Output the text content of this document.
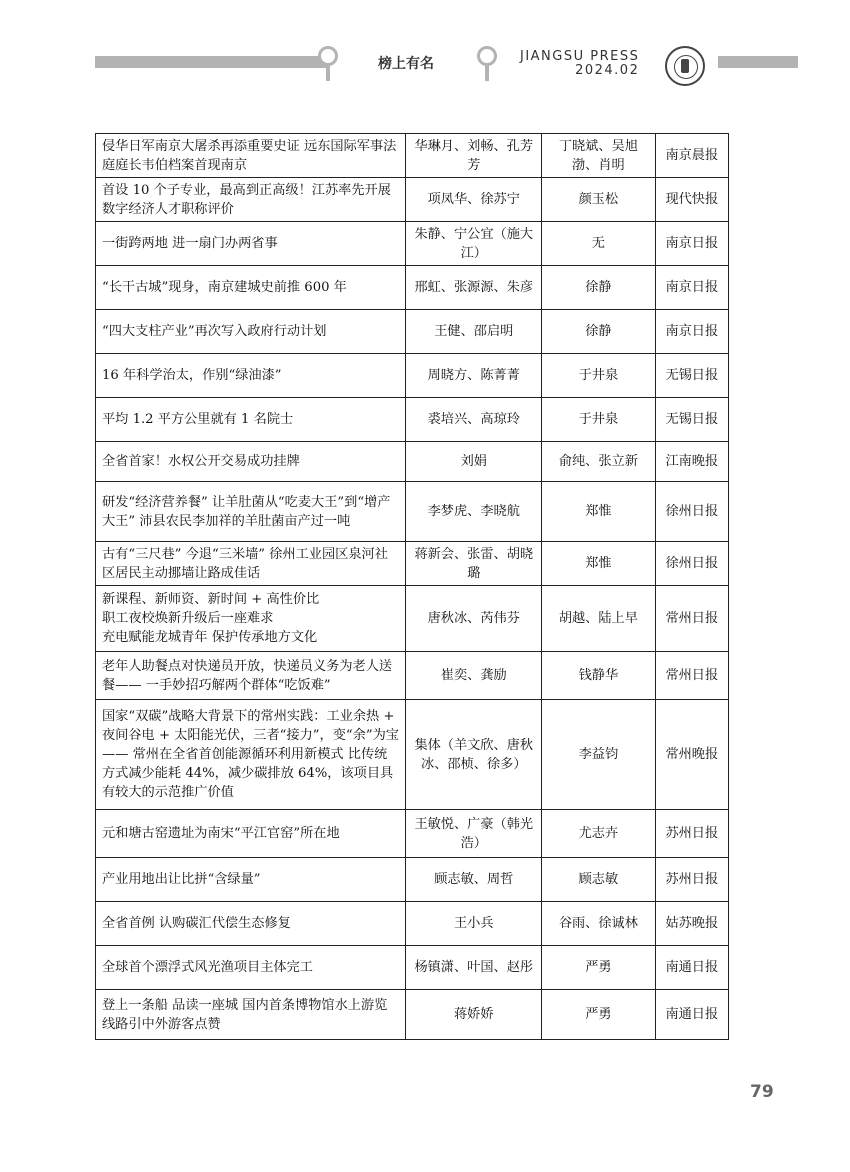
榜上有名	JIANGSU PRESS
2024.02
侵华日军南京大屠杀再添重要史证 远东国际军事法庭庭长韦伯档案首现南京	华琳月、刘畅、孔芳芳	丁晓斌、吴旭渤、肖明	南京晨报
首设 10 个子专业，最高到正高级！江苏率先开展数字经济人才职称评价	项凤华、徐苏宁	颜玉松	现代快报
一街跨两地 进一扇门办两省事	朱静、宁公宜（施大江）	无	南京日报
“长干古城”现身，南京建城史前推 600 年	邢虹、张源源、朱彦	徐静	南京日报
“四大支柱产业”再次写入政府行动计划	王健、邵启明	徐静	南京日报
16 年科学治太，作别“绿油漆”	周晓方、陈菁菁	于井泉	无锡日报
平均 1.2 平方公里就有 1 名院士	裘培兴、高琼玲	于井泉	无锡日报
全省首家！水权公开交易成功挂牌	刘娟	俞纯、张立新	江南晚报
研发“经济营养餐” 让羊肚菌从“吃麦大王”到“增产大王” 沛县农民李加祥的羊肚菌亩产过一吨	李梦虎、李晓航	郑惟	徐州日报
古有“三尺巷” 今退“三米墙” 徐州工业园区泉河社区居民主动挪墙让路成佳话	蒋新会、张雷、胡晓璐	郑惟	徐州日报
新课程、新师资、新时间 + 高性价比
职工夜校焕新升级后一座难求
充电赋能龙城青年 保护传承地方文化	唐秋冰、芮伟芬	胡越、陆上早	常州日报
老年人助餐点对快递员开放，快递员义务为老人送餐—— 一手妙招巧解两个群体“吃饭难”	崔奕、龚励	钱静华	常州日报
国家“双碳”战略大背景下的常州实践：工业余热 + 夜间谷电 + 太阳能光伏，三者“接力”，变“余”为宝—— 常州在全省首创能源循环利用新模式 比传统方式减少能耗 44%，减少碳排放 64%，该项目具有较大的示范推广价值	集体（羊文欣、唐秋冰、邵桢、徐多）	李益钧	常州晚报
元和塘古窑遗址为南宋“平江官窑”所在地	王敏悦、广豪（韩光浩）	尤志卉	苏州日报
产业用地出让比拼“含绿量”	顾志敏、周哲	顾志敏	苏州日报
全省首例 认购碳汇代偿生态修复	王小兵	谷雨、徐诚林	姑苏晚报
全球首个漂浮式风光渔项目主体完工	杨镇潇、叶国、赵彤	严勇	南通日报
登上一条船 品读一座城 国内首条博物馆水上游览线路引中外游客点赞	蒋娇娇	严勇	南通日报
79
